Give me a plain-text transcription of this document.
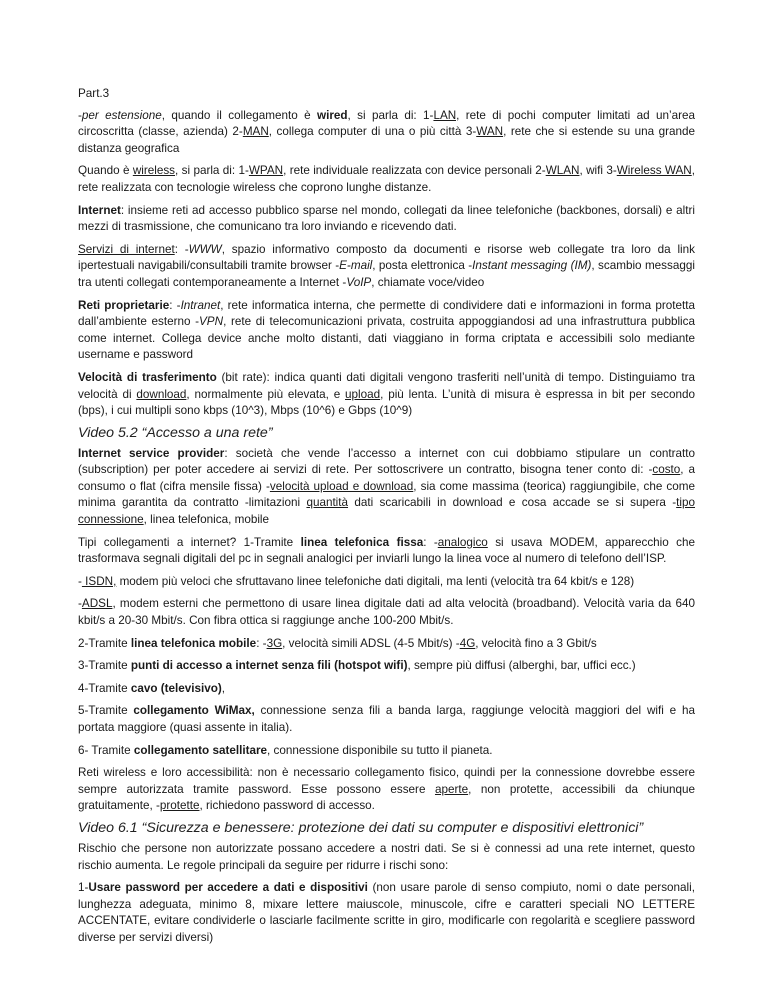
Part.3

-per estensione, quando il collegamento è wired, si parla di: 1-LAN, rete di pochi computer limitati ad un’area circoscritta (classe, azienda) 2-MAN, collega computer di una o più città 3-WAN, rete che si estende su una grande distanza geografica

Quando è wireless, si parla di: 1-WPAN, rete individuale realizzata con device personali 2-WLAN, wifi 3-Wireless WAN, rete realizzata con tecnologie wireless che coprono lunghe distanze.

Internet: insieme reti ad accesso pubblico sparse nel mondo, collegati da linee telefoniche (backbones, dorsali) e altri mezzi di trasmissione, che comunicano tra loro inviando e ricevendo dati.

Servizi di internet: -WWW, spazio informativo composto da documenti e risorse web collegate tra loro da link ipertestuali navigabili/consultabili tramite browser -E-mail, posta elettronica -Instant messaging (IM), scambio messaggi tra utenti collegati contemporaneamente a Internet -VoIP, chiamate voce/video

Reti proprietarie: -Intranet, rete informatica interna, che permette di condividere dati e informazioni in forma protetta dall’ambiente esterno -VPN, rete di telecomunicazioni privata, costruita appoggiandosi ad una infrastruttura pubblica come internet. Collega device anche molto distanti, dati viaggiano in forma criptata e accessibili solo mediante username e password

Velocità di trasferimento (bit rate): indica quanti dati digitali vengono trasferiti nell’unità di tempo. Distinguiamo tra velocità di download, normalmente più elevata, e upload, più lenta. L’unità di misura è espressa in bit per secondo (bps), i cui multipli sono kbps (10^3), Mbps (10^6) e Gbps (10^9)

Video 5.2 “Accesso a una rete”

Internet service provider: società che vende l’accesso a internet con cui dobbiamo stipulare un contratto (subscription) per poter accedere ai servizi di rete. Per sottoscrivere un contratto, bisogna tener conto di: -costo, a consumo o flat (cifra mensile fissa) -velocità upload e download, sia come massima (teorica) raggiungibile, che come minima garantita da contratto -limitazioni quantità dati scaricabili in download e cosa accade se si supera -tipo connessione, linea telefonica, mobile

Tipi collegamenti a internet? 1-Tramite linea telefonica fissa: -analogico si usava MODEM, apparecchio che trasformava segnali digitali del pc in segnali analogici per inviarli lungo la linea voce al numero di telefono dell’ISP.

- ISDN, modem più veloci che sfruttavano linee telefoniche dati digitali, ma lenti (velocità tra 64 kbit/s e 128)

-ADSL, modem esterni che permettono di usare linea digitale dati ad alta velocità (broadband). Velocità varia da 640 kbit/s a 20-30 Mbit/s. Con fibra ottica si raggiunge anche 100-200 Mbit/s.

2-Tramite linea telefonica mobile: -3G, velocità simili ADSL (4-5 Mbit/s) -4G, velocità fino a 3 Gbit/s

3-Tramite punti di accesso a internet senza fili (hotspot wifi), sempre più diffusi (alberghi, bar, uffici ecc.)

4-Tramite cavo (televisivo),

5-Tramite collegamento WiMax, connessione senza fili a banda larga, raggiunge velocità maggiori del wifi e ha portata maggiore (quasi assente in italia).

6- Tramite collegamento satellitare, connessione disponibile su tutto il pianeta.

Reti wireless e loro accessibilità: non è necessario collegamento fisico, quindi per la connessione dovrebbe essere sempre autorizzata tramite password. Esse possono essere aperte, non protette, accessibili da chiunque gratuitamente, -protette, richiedono password di accesso.

Video 6.1 “Sicurezza e benessere: protezione dei dati su computer e dispositivi elettronici”

Rischio che persone non autorizzate possano accedere a nostri dati. Se si è connessi ad una rete internet, questo rischio aumenta. Le regole principali da seguire per ridurre i rischi sono:

1-Usare password per accedere a dati e dispositivi (non usare parole di senso compiuto, nomi o date personali, lunghezza adeguata, minimo 8, mixare lettere maiuscole, minuscole, cifre e caratteri speciali NO LETTERE ACCENTATE, evitare condividerle o lasciarle facilmente scritte in giro, modificarle con regolarità e scegliere password diverse per servizi diversi)
